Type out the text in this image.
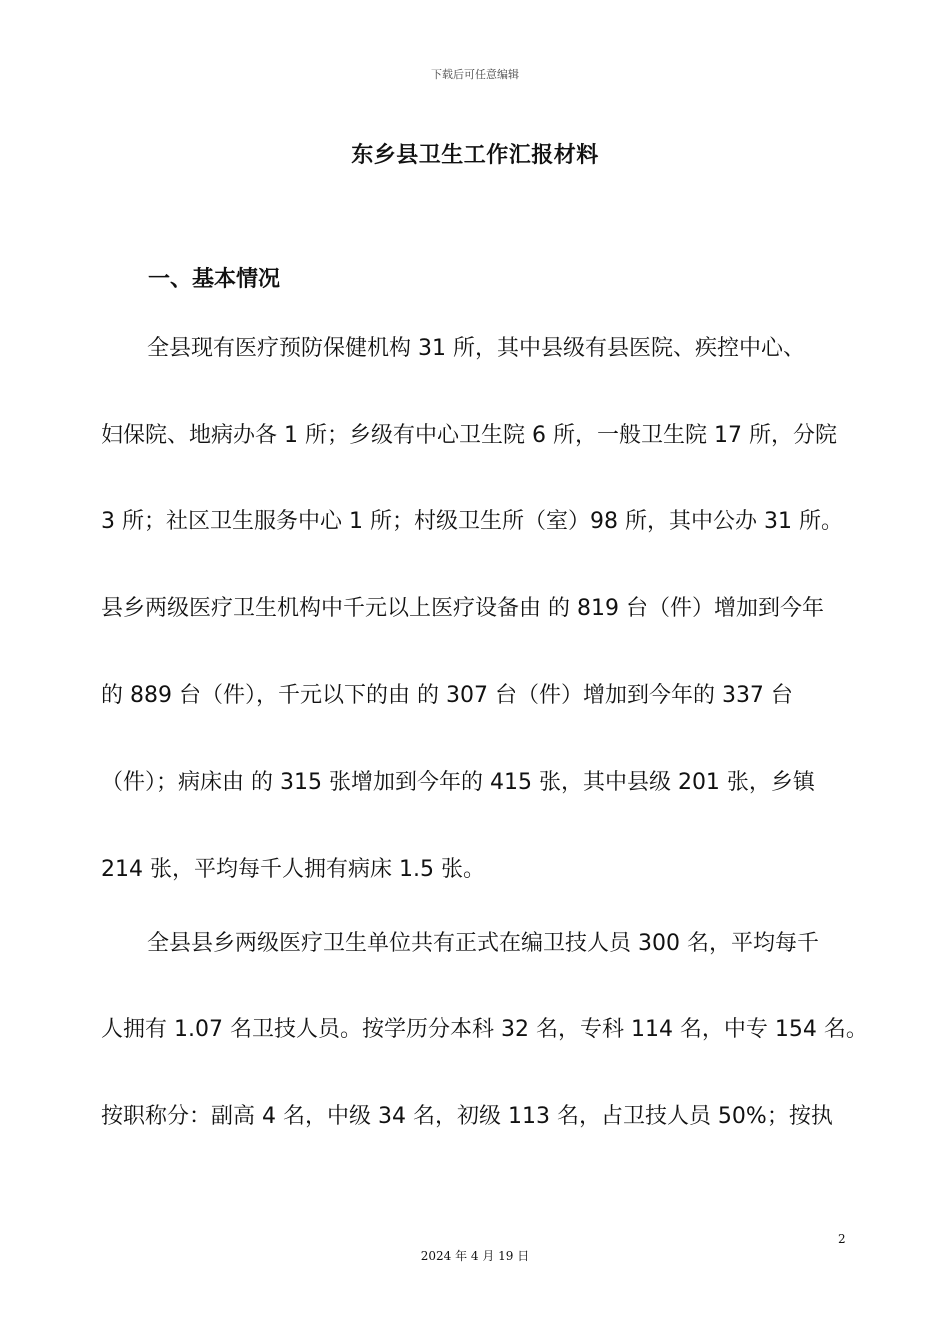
下载后可任意编辑
东乡县卫生工作汇报材料
一、基本情况
全县现有医疗预防保健机构 31 所，其中县级有县医院、疾控中心、
妇保院、地病办各 1 所；乡级有中心卫生院 6 所，一般卫生院 17 所，分院
3 所；社区卫生服务中心 1 所；村级卫生所（室）98 所，其中公办 31 所。
县乡两级医疗卫生机构中千元以上医疗设备由 的 819 台（件）增加到今年
的 889 台（件），千元以下的由 的 307 台（件）增加到今年的 337 台
（件）；病床由 的 315 张增加到今年的 415 张，其中县级 201 张，乡镇
214 张，平均每千人拥有病床 1.5 张。
全县县乡两级医疗卫生单位共有正式在编卫技人员 300 名，平均每千
人拥有 1.07 名卫技人员。按学历分本科 32 名，专科 114 名，中专 154 名。
按职称分：副高 4 名，中级 34 名，初级 113 名，占卫技人员 50%；按执
2
2024 年 4 月 19 日
